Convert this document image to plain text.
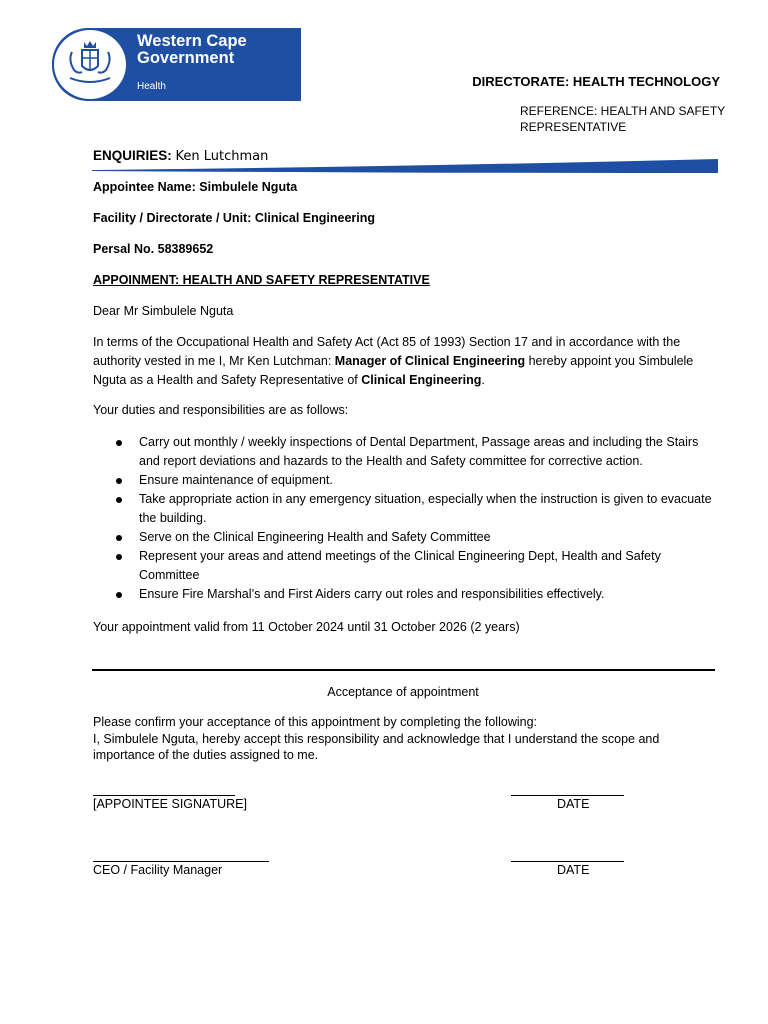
Western Cape
Government
Health	DIRECTORATE: HEALTH TECHNOLOGY
REFERENCE: HEALTH AND SAFETY REPRESENTATIVE
ENQUIRIES: Ken Lutchman
Appointee Name: Simbulele Nguta
Facility / Directorate / Unit: Clinical Engineering
Persal No. 58389652
APPOINMENT: HEALTH AND SAFETY REPRESENTATIVE
Dear Mr Simbulele Nguta
In terms of the Occupational Health and Safety Act (Act 85 of 1993) Section 17 and in accordance with the authority vested in me I, Mr Ken Lutchman: Manager of Clinical Engineering hereby appoint you Simbulele Nguta as a Health and Safety Representative of Clinical Engineering.
Your duties and responsibilities are as follows:
Carry out monthly / weekly inspections of Dental Department, Passage areas and including the Stairs and report deviations and hazards to the Health and Safety committee for corrective action.
Ensure maintenance of equipment.
Take appropriate action in any emergency situation, especially when the instruction is given to evacuate the building.
Serve on the Clinical Engineering Health and Safety Committee
Represent your areas and attend meetings of the Clinical Engineering Dept, Health and Safety Committee
Ensure Fire Marshal’s and First Aiders carry out roles and responsibilities effectively.
Your appointment valid from 11 October 2024 until 31 October 2026 (2 years)
Acceptance of appointment
Please confirm your acceptance of this appointment by completing the following:
I, Simbulele Nguta, hereby accept this responsibility and acknowledge that I understand the scope and importance of the duties assigned to me.
[APPOINTEE SIGNATURE]	DATE
CEO / Facility Manager	DATE
